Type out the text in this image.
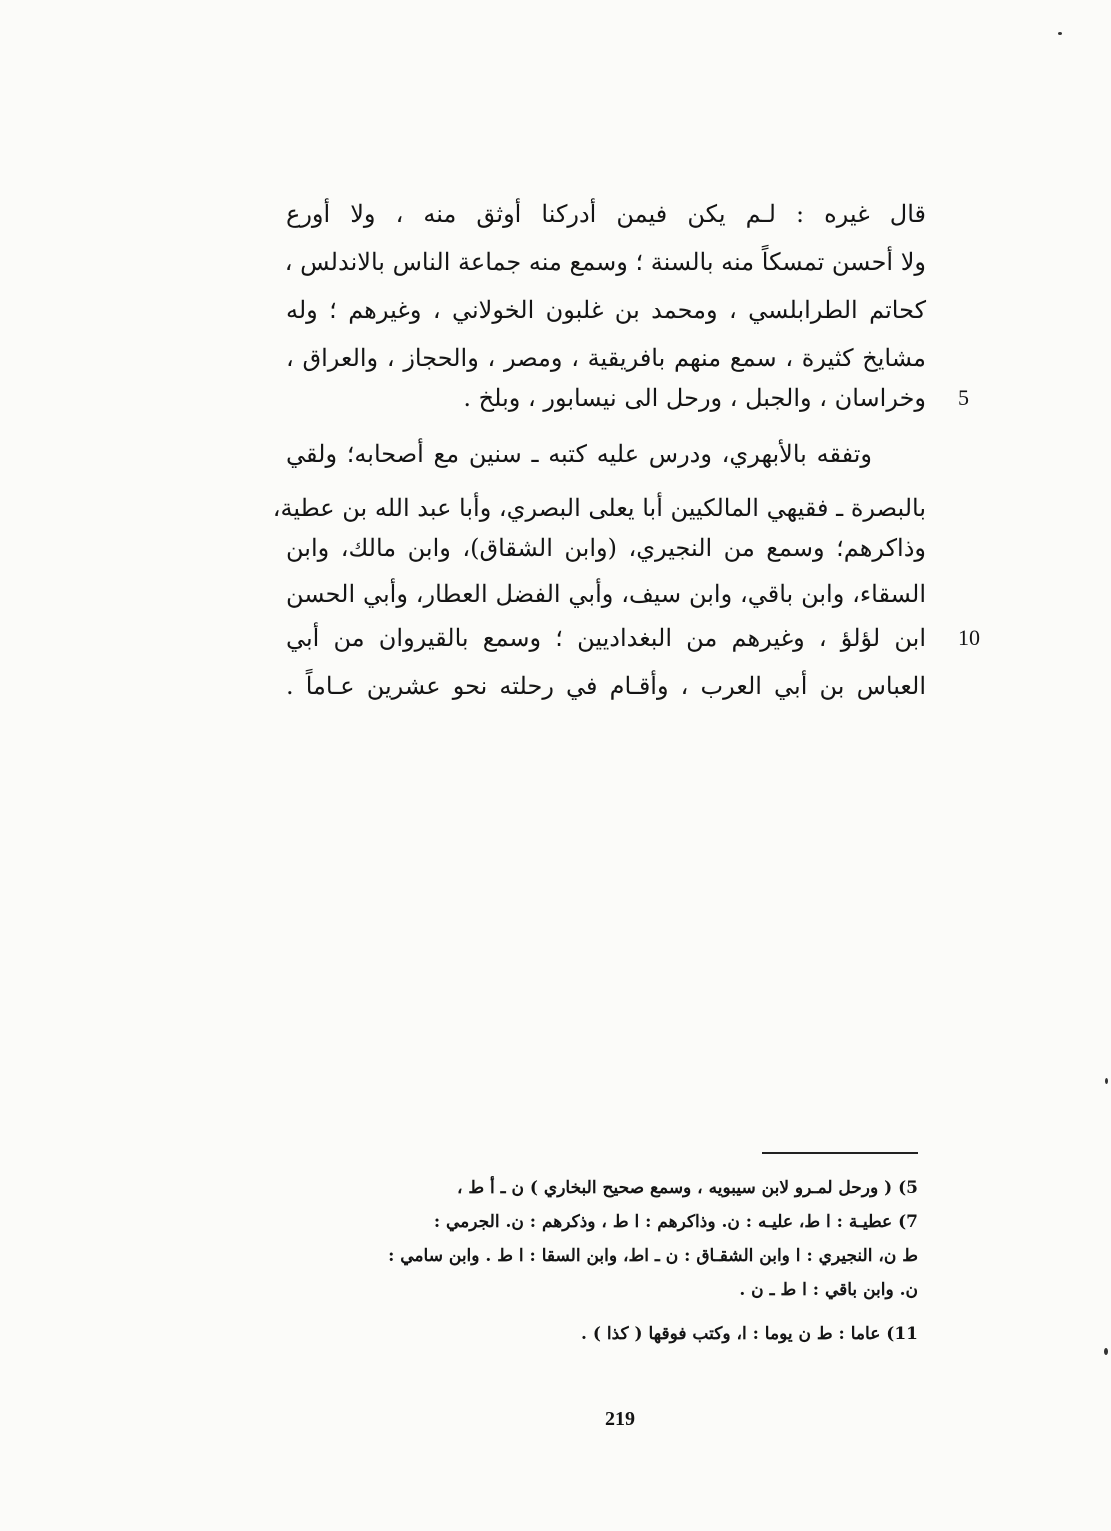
قال غيره : لـم يكن فيمن أدركنا أوثق منه ، ولا أورع
ولا أحسن تمسكاً منه بالسنة ؛ وسمع منه جماعة الناس بالاندلس ،
كحاتم الطرابلسي ، ومحمد بن غلبون الخولاني ، وغيرهم ؛ وله
مشايخ كثيرة ، سمع منهم بافريقية ، ومصر ، والحجاز ، والعراق ،
وخراسان ، والجبل ، ورحل الى نيسابور ، وبلخ . 5
وتفقه بالأبهري، ودرس عليه كتبه ـ سنين مع أصحابه؛ ولقي
بالبصرة ـ فقيهي المالكيين أبا يعلى البصري، وأبا عبد الله بن عطية،
وذاكرهم؛ وسمع من النجيري، (وابن الشقاق)، وابن مالك، وابن
السقاء، وابن باقي، وابن سيف، وأبي الفضل العطار، وأبي الحسن
ابن لؤلؤ ، وغيرهم من البغداديين ؛ وسمع بالقيروان من أبي 10
العباس بن أبي العرب ، وأقـام في رحلته نحو عشرين عـاماً .
5) ( ورحل لمـرو لابن سيبويه ، وسمع صحيح البخاري ) ن ـ أ ط ،
7) عطيـة : ا ط، عليـه : ن. وذاكرهم : ا ط ، وذكرهم : ن. الجرمي :
ط ن، النجيري : ا وابن الشقـاق : ن ـ اط، وابن السقا : ا ط . وابن سامي :
ن. وابن باقي : ا ط ـ ن .
11) عاما : ط ن يوما : ا، وكتب فوقها ( كذا ) .
219
